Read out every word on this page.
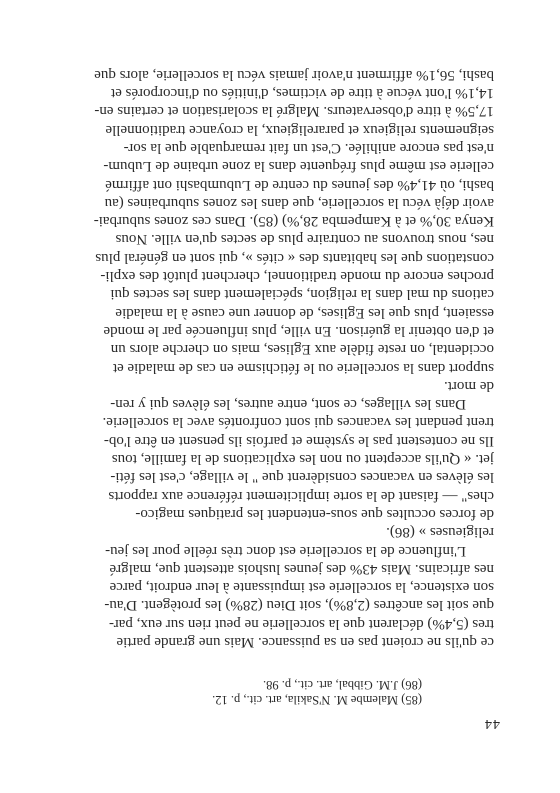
44
(85) Malembe M. N'Sakila, art. cit., p. 12.
(86) J.M. Gibbal, art. cit., p. 98.
ce qu'ils ne croient pas en sa puissance. Mais une grande partie
tres (5,4%) déclarent que la sorcellerie ne peut rien sur eux, par-
que soit les ancêtres (2,8%), soit Dieu (28%) les protègent. D'au-
son existence, la sorcellerie est impuissante à leur endroit, parce
nes africains. Mais 43% des jeunes lushois attestent que, malgré
L'influence de la sorcellerie est donc très réelle pour les jeu-
religieuses » (86).
de forces occultes que sous-entendent les pratiques magico-
ches" — faisant de la sorte implicitement référence aux rapports
les élèves en vacances considèrent que " le village, c'est les féti-
jet. « Qu'ils acceptent ou non les explications de la famille, tous
Ils ne contestent pas le système et parfois ils pensent en être l'ob-
trent pendant les vacances qui sont confrontés avec la sorcellerie.
Dans les villages, ce sont, entre autres, les élèves qui y ren-
de mort.
support dans la sorcellerie ou le fétichisme en cas de maladie et
occidental, on reste fidèle aux Eglises, mais on cherche alors un
et d'en obtenir la guérison. En ville, plus influencée par le monde
essaient, plus que les Eglises, de donner une cause à la maladie
cations du mal dans la religion, spécialement dans les sectes qui
proches encore du monde traditionnel, cherchent plutôt des expli-
constations que les habitants des « cités », qui sont en général plus
nes, nous trouvons au contraire plus de sectes qu'en ville. Nous
Kenya 30,% et à Kampemba 28,%) (85). Dans ces zones suburbai-
avoir déjà vécu la sorcellerie, que dans les zones suburbaines (au
bashi, où 41,4% des jeunes du centre de Lubumbashi ont affirmé
cellerie est même plus fréquente dans la zone urbaine de Lubum-
n'est pas encore anihilée. C'est un fait remarquable que la sor-
seignements religieux et parareligieux, la croyance traditionnelle
17,5% à titre d'observateurs. Malgré la scolarisation et certains en-
14,1% l'ont vécue à titre de victimes, d'initiés ou d'incorporés et
bashi, 56,1% affirment n'avoir jamais vécu la sorcellerie, alors que
